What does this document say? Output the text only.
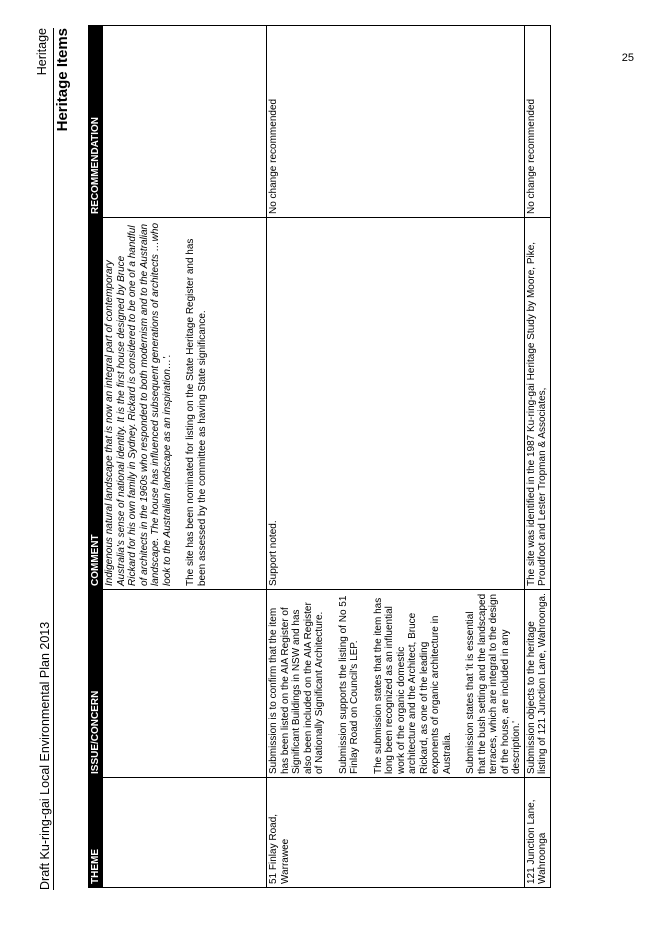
25
Draft Ku-ring-gai Local Environmental Plan 2013
Heritage Heritage Items
THEME	ISSUE/CONCERN	COMMENT	RECOMMENDATION

		Indigenous natural landscape that is now an integral part of contemporary Australia's sense of national identity. It is the first house designed by Bruce Rickard for his own family in Sydney. Rickard is considered to be one of a handful of architects in the 1960s who responded to both modernism and to the Australian landscape. The house has influenced subsequent generations of architects …who look to the Australian landscape as an inspiration…'. The site has been nominated for listing on the State Heritage Register and has been assessed by the committee as having State significance.	

51 Finlay Road, Warrawee	Submission is to confirm that the item has been listed on the AIA Register of Significant Buildings in NSW and has also been included on the AIA Register of Nationally Significant Architecture. Submission supports the listing of No 51 Finlay Road on Council's LEP. The submission states that the item has long been recognized as an influential work of the organic domestic architecture and the Architect, Bruce Rickard, as one of the leading exponents of organic architecture in Australia. Submission states that 'it is essential that the bush setting and the landscaped terraces, which are integral to the design of the house, are included in any description.'	Support noted.	No change recommended
121 Junction Lane, Wahroonga	Submission objects to the heritage listing of 121 Junction Lane, Wahroonga.	The site was identified in the 1987 Ku-ring-gai Heritage Study by Moore, Pike, Proudfoot and Lester Tropman & Associates,	No change recommended
